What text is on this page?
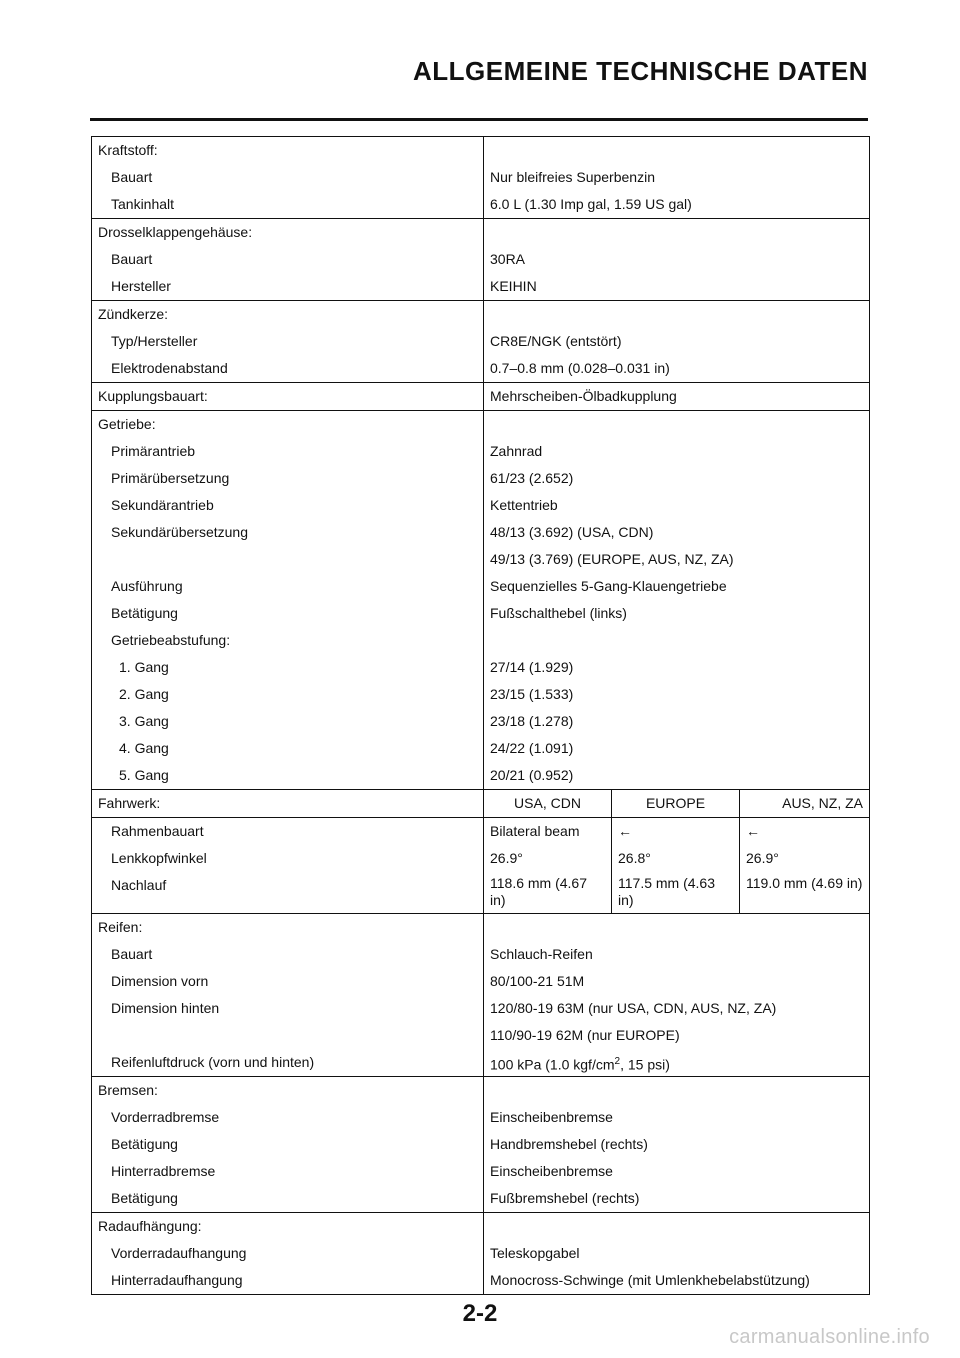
ALLGEMEINE TECHNISCHE DATEN
Kraftstoff:			
Bauart	Nur bleifreies Superbenzin		
Tankinhalt	6.0 L (1.30 Imp gal, 1.59 US gal)		
Drosselklappengehäuse:			
Bauart	30RA		
Hersteller	KEIHIN		
Zündkerze:			
Typ/Hersteller	CR8E/NGK (entstört)		
Elektrodenabstand	0.7–0.8 mm (0.028–0.031 in)		
Kupplungsbauart:	Mehrscheiben-Ölbadkupplung		
Getriebe:			
Primärantrieb	Zahnrad		
Primärübersetzung	61/23 (2.652)		
Sekundärantrieb	Kettentrieb		
Sekundärübersetzung	48/13 (3.692) (USA, CDN)		
	49/13 (3.769) (EUROPE, AUS, NZ, ZA)		
Ausführung	Sequenzielles 5-Gang-Klauengetriebe		
Betätigung	Fußschalthebel (links)		
Getriebeabstufung:			
1. Gang	27/14 (1.929)		
2. Gang	23/15 (1.533)		
3. Gang	23/18 (1.278)		
4. Gang	24/22 (1.091)		
5. Gang	20/21 (0.952)		
Fahrwerk:	USA, CDN	EUROPE	AUS, NZ, ZA
Rahmenbauart	Bilateral beam	←	←
Lenkkopfwinkel	26.9°	26.8°	26.9°
Nachlauf	118.6 mm (4.67 in)	117.5 mm (4.63 in)	119.0 mm (4.69 in)
Reifen:			
Bauart	Schlauch-Reifen		
Dimension vorn	80/100-21 51M		
Dimension hinten	120/80-19 63M (nur USA, CDN, AUS, NZ, ZA)		
	110/90-19 62M (nur EUROPE)		
Reifenluftdruck (vorn und hinten)	100 kPa (1.0 kgf/$cm^2$, 15 psi)		
Bremsen:			
Vorderradbremse	Einscheibenbremse		
Betätigung	Handbremshebel (rechts)		
Hinterradbremse	Einscheibenbremse		
Betätigung	Fußbremshebel (rechts)		
Radaufhängung:			
Vorderradaufhangung	Teleskopgabel		
Hinterradaufhangung	Monocross-Schwinge (mit Umlenkhebelabstützung)		
2-2
carmanualsonline.info
